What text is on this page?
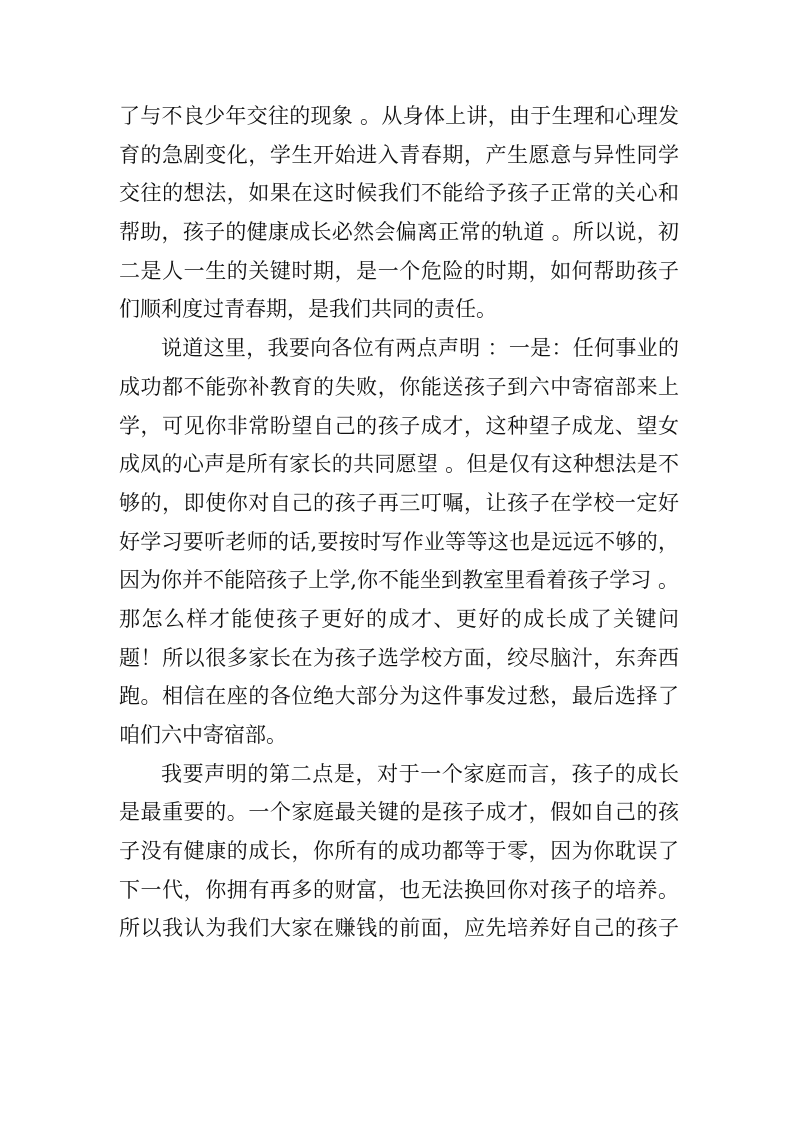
了与不良少年交往的现象 。从身体上讲，由于生理和心理发
育的急剧变化，学生开始进入青春期，产生愿意与异性同学
交往的想法，如果在这时候我们不能给予孩子正常的关心和
帮助，孩子的健康成长必然会偏离正常的轨道 。所以说，初
二是人一生的关键时期，是一个危险的时期，如何帮助孩子
们顺利度过青春期，是我们共同的责任。
说道这里，我要向各位有两点声明 ：一是：任何事业的
成功都不能弥补教育的失败，你能送孩子到六中寄宿部来上
学，可见你非常盼望自己的孩子成才，这种望子成龙、望女
成凤的心声是所有家长的共同愿望 。但是仅有这种想法是不
够的，即使你对自己的孩子再三叮嘱，让孩子在学校一定好
好学习要听老师的话,要按时写作业等等这也是远远不够的，
因为你并不能陪孩子上学,你不能坐到教室里看着孩子学习 。
那怎么样才能使孩子更好的成才、更好的成长成了关键问
题！所以很多家长在为孩子选学校方面，绞尽脑汁，东奔西
跑。相信在座的各位绝大部分为这件事发过愁，最后选择了
咱们六中寄宿部。
我要声明的第二点是，对于一个家庭而言，孩子的成长
是最重要的。一个家庭最关键的是孩子成才，假如自己的孩
子没有健康的成长，你所有的成功都等于零，因为你耽误了
下一代，你拥有再多的财富，也无法换回你对孩子的培养。
所以我认为我们大家在赚钱的前面，应先培养好自己的孩子
